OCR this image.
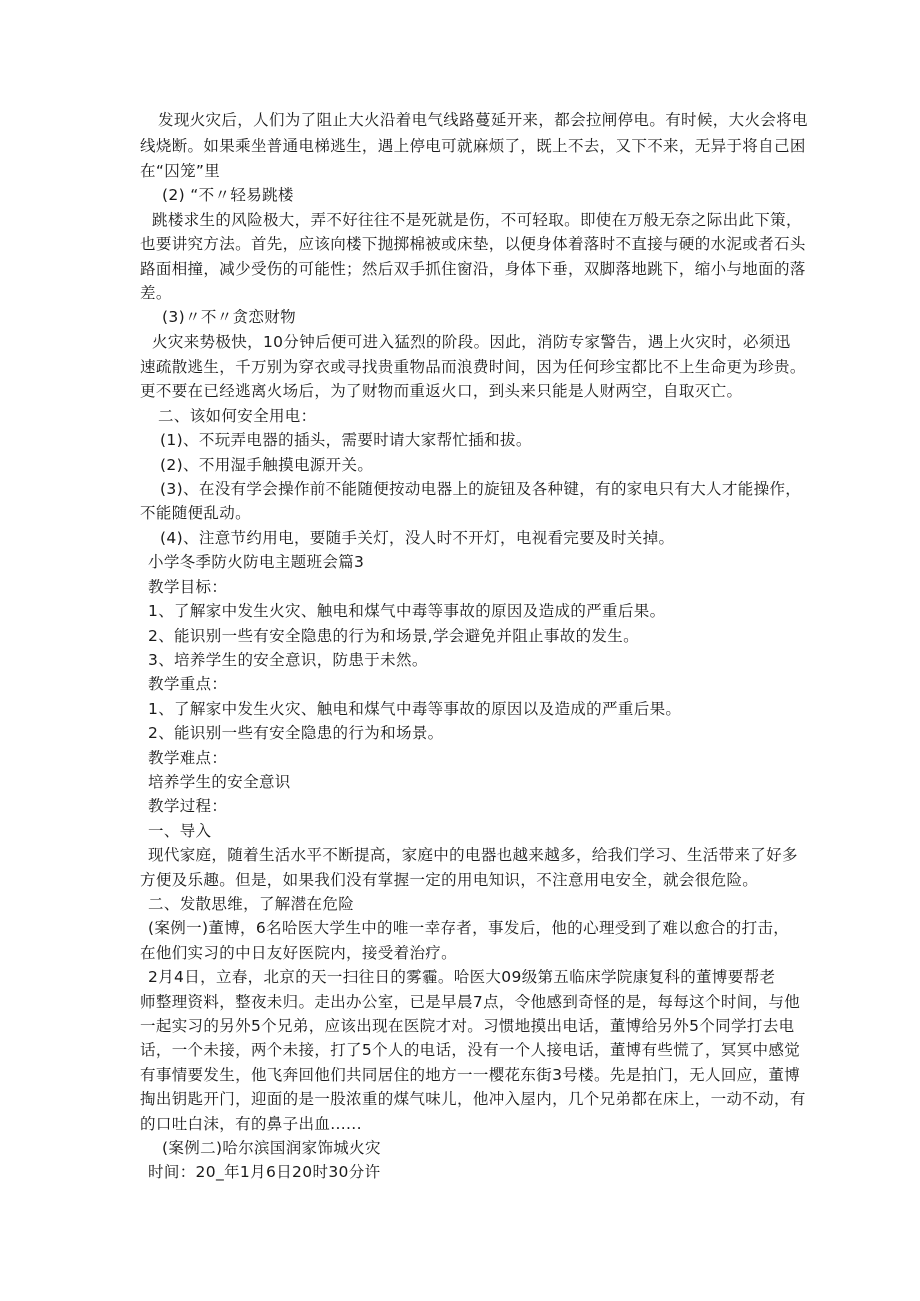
发现火灾后，人们为了阻止大火沿着电气线路蔓延开来，都会拉闸停电。有时候，大火会将电
线烧断。如果乘坐普通电梯逃生，遇上停电可就麻烦了，既上不去，又下不来，无异于将自己困
在“囚笼”里
(2) “不〃轻易跳楼
跳楼求生的风险极大，弄不好往往不是死就是伤，不可轻取。即使在万般无奈之际出此下策，
也要讲究方法。首先，应该向楼下抛掷棉被或床垫，以便身体着落时不直接与硬的水泥或者石头
路面相撞，减少受伤的可能性；然后双手抓住窗沿，身体下垂，双脚落地跳下，缩小与地面的落
差。
(3)〃不〃贪恋财物
火灾来势极快，10分钟后便可进入猛烈的阶段。因此，消防专家警告，遇上火灾时，必须迅
速疏散逃生，千万别为穿衣或寻找贵重物品而浪费时间，因为任何珍宝都比不上生命更为珍贵。
更不要在已经逃离火场后，为了财物而重返火口，到头来只能是人财两空，自取灭亡。
二、该如何安全用电：
(1)、不玩弄电器的插头，需要时请大家帮忙插和拔。
(2)、不用湿手触摸电源开关。
(3)、在没有学会操作前不能随便按动电器上的旋钮及各种键，有的家电只有大人才能操作，
不能随便乱动。
(4)、注意节约用电，要随手关灯，没人时不开灯，电视看完要及时关掉。
小学冬季防火防电主题班会篇3
教学目标：
1、了解家中发生火灾、触电和煤气中毒等事故的原因及造成的严重后果。
2、能识别一些有安全隐患的行为和场景,学会避免并阻止事故的发生。
3、培养学生的安全意识，防患于未然。
教学重点：
1、了解家中发生火灾、触电和煤气中毒等事故的原因以及造成的严重后果。
2、能识别一些有安全隐患的行为和场景。
教学难点：
培养学生的安全意识
教学过程：
一、导入
现代家庭，随着生活水平不断提高，家庭中的电器也越来越多，给我们学习、生活带来了好多
方便及乐趣。但是，如果我们没有掌握一定的用电知识，不注意用电安全，就会很危险。
二、发散思维，了解潜在危险
(案例一)董博，6名哈医大学生中的唯一幸存者，事发后，他的心理受到了难以愈合的打击，
在他们实习的中日友好医院内，接受着治疗。
2月4日，立春，北京的天一扫往日的雾霾。哈医大09级第五临床学院康复科的董博要帮老
师整理资料，整夜未归。走出办公室，已是早晨7点，令他感到奇怪的是，每每这个时间，与他
一起实习的另外5个兄弟，应该出现在医院才对。习惯地摸出电话，董博给另外5个同学打去电
话，一个未接，两个未接，打了5个人的电话，没有一个人接电话，董博有些慌了，冥冥中感觉
有事情要发生，他飞奔回他们共同居住的地方一一樱花东街3号楼。先是拍门，无人回应，董博
掏出钥匙开门，迎面的是一股浓重的煤气味儿，他冲入屋内，几个兄弟都在床上，一动不动，有
的口吐白沫，有的鼻子出血......
(案例二)哈尔滨国润家饰城火灾
时间：20_年1月6日20时30分许
